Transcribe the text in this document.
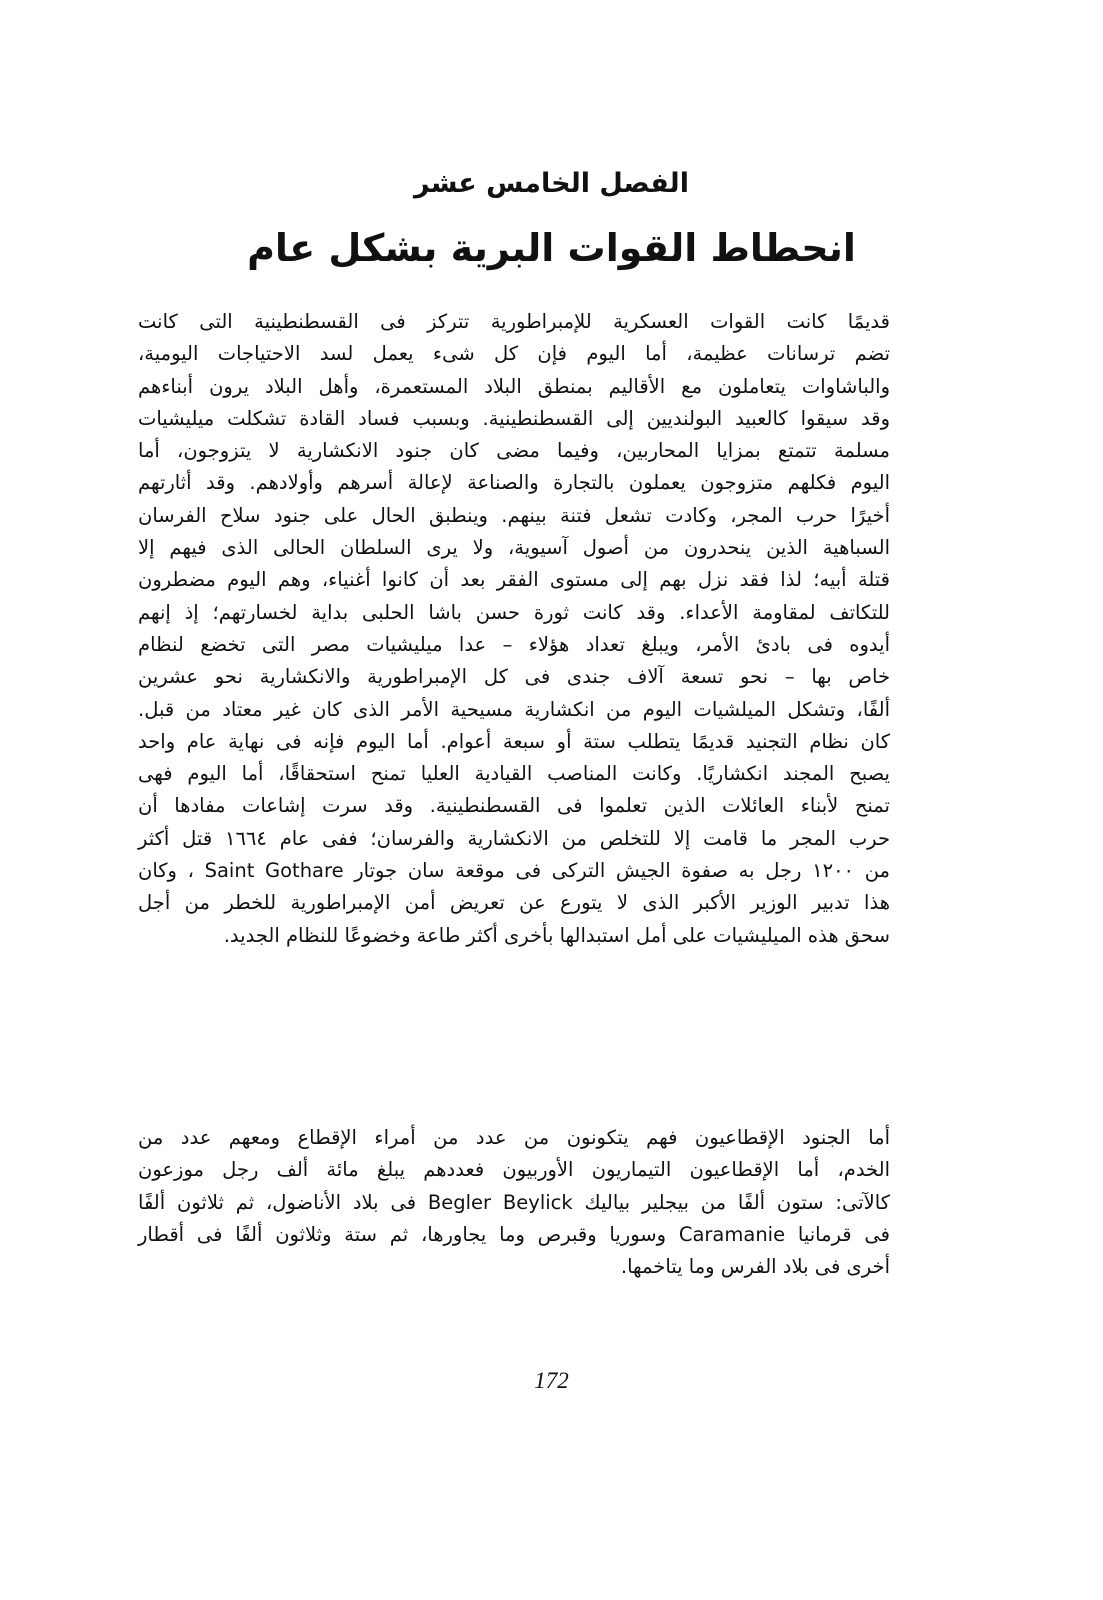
الفصل الخامس عشر
انحطاط القوات البرية بشكل عام
قديمًا كانت القوات العسكرية للإمبراطورية تتركز فى القسطنطينية التى كانت
تضم ترسانات عظيمة، أما اليوم فإن كل شىء يعمل لسد الاحتياجات اليومية،
والباشاوات يتعاملون مع الأقاليم بمنطق البلاد المستعمرة، وأهل البلاد يرون أبناءهم
وقد سيقوا كالعبيد البولنديين إلى القسطنطينية. وبسبب فساد القادة تشكلت ميليشيات
مسلمة تتمتع بمزايا المحاربين، وفيما مضى كان جنود الانكشارية لا يتزوجون، أما
اليوم فكلهم متزوجون يعملون بالتجارة والصناعة لإعالة أسرهم وأولادهم. وقد أثارتهم
أخيرًا حرب المجر، وكادت تشعل فتنة بينهم. وينطبق الحال على جنود سلاح الفرسان
السباهية الذين ينحدرون من أصول آسيوية، ولا يرى السلطان الحالى الذى فيهم إلا
قتلة أبيه؛ لذا فقد نزل بهم إلى مستوى الفقر بعد أن كانوا أغنياء، وهم اليوم مضطرون
للتكاتف لمقاومة الأعداء. وقد كانت ثورة حسن باشا الحلبى بداية لخسارتهم؛ إذ إنهم
أيدوه فى بادئ الأمر، ويبلغ تعداد هؤلاء – عدا ميليشيات مصر التى تخضع لنظام
خاص بها – نحو تسعة آلاف جندى فى كل الإمبراطورية والانكشارية نحو عشرين
ألفًا، وتشكل الميلشيات اليوم من انكشارية مسيحية الأمر الذى كان غير معتاد من قبل.
كان نظام التجنيد قديمًا يتطلب ستة أو سبعة أعوام. أما اليوم فإنه فى نهاية عام واحد
يصبح المجند انكشاريًا. وكانت المناصب القيادية العليا تمنح استحقاقًا، أما اليوم فهى
تمنح لأبناء العائلات الذين تعلموا فى القسطنطينية. وقد سرت إشاعات مفادها أن
حرب المجر ما قامت إلا للتخلص من الانكشارية والفرسان؛ ففى عام ١٦٦٤ قتل أكثر
من ١٢٠٠ رجل به صفوة الجيش التركى فى موقعة سان جوتار Saint Gothare ، وكان
هذا تدبير الوزير الأكبر الذى لا يتورع عن تعريض أمن الإمبراطورية للخطر من أجل
سحق هذه الميليشيات على أمل استبدالها بأخرى أكثر طاعة وخضوعًا للنظام الجديد.
أما الجنود الإقطاعيون فهم يتكونون من عدد من أمراء الإقطاع ومعهم عدد من
الخدم، أما الإقطاعيون التيماريون الأوربيون فعددهم يبلغ مائة ألف رجل موزعون
كالآتى: ستون ألفًا من بيجلير بياليك Begler Beylick فى بلاد الأناضول، ثم ثلاثون ألفًا
فى قرمانيا Caramanie وسوريا وقبرص وما يجاورها، ثم ستة وثلاثون ألفًا فى أقطار
أخرى فى بلاد الفرس وما يتاخمها.
172
